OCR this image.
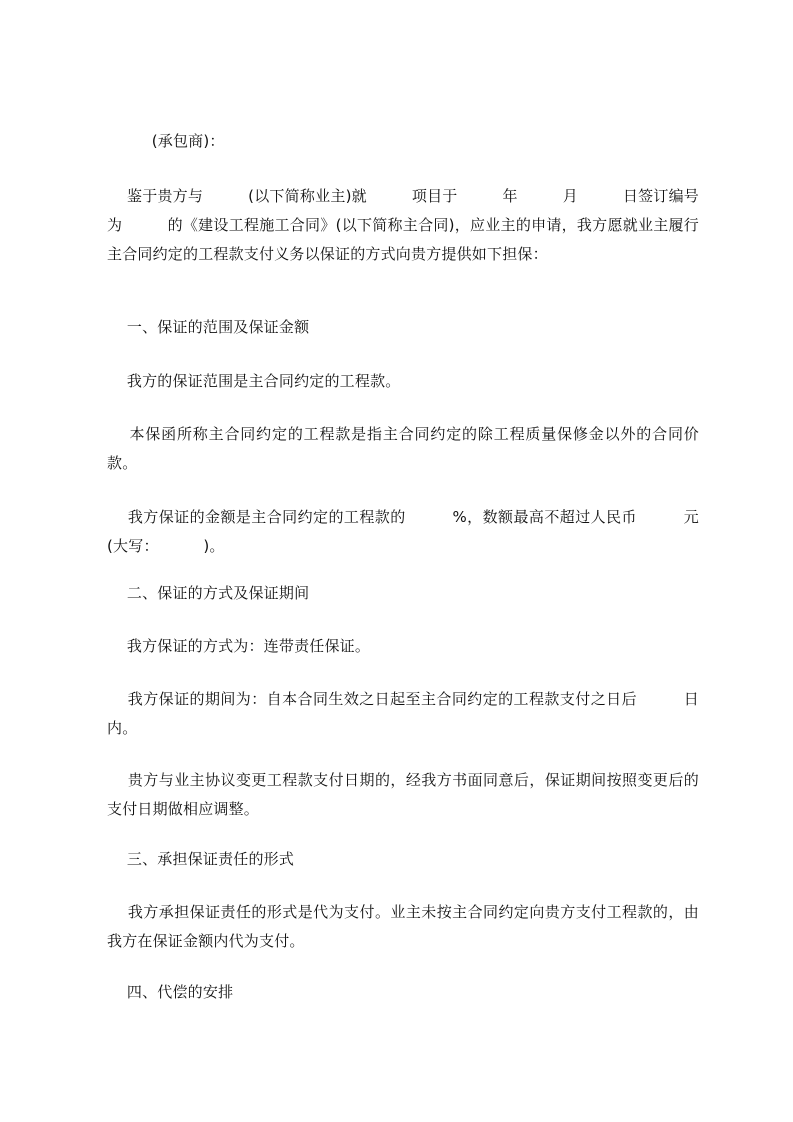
(承包商)：
鉴于贵方与         (以下简称业主)就         项目于         年         月         日签订编号为         的《建设工程施工合同》(以下简称主合同)，应业主的申请，我方愿就业主履行主合同约定的工程款支付义务以保证的方式向贵方提供如下担保：
一、保证的范围及保证金额
我方的保证范围是主合同约定的工程款。
本保函所称主合同约定的工程款是指主合同约定的除工程质量保修金以外的合同价款。
我方保证的金额是主合同约定的工程款的         %，数额最高不超过人民币         元(大写：         )。
二、保证的方式及保证期间
我方保证的方式为：连带责任保证。
我方保证的期间为：自本合同生效之日起至主合同约定的工程款支付之日后         日内。
贵方与业主协议变更工程款支付日期的，经我方书面同意后，保证期间按照变更后的支付日期做相应调整。
三、承担保证责任的形式
我方承担保证责任的形式是代为支付。业主未按主合同约定向贵方支付工程款的，由我方在保证金额内代为支付。
四、代偿的安排
